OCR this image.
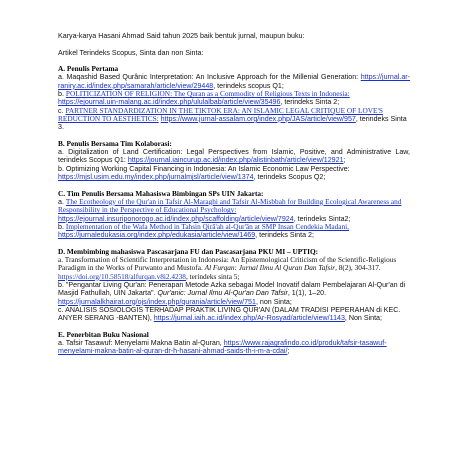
Karya-karya Hasani Ahmad Said tahun 2025 baik bentuk jurnal, maupun buku:

Artikel Terindeks Scopus, Sinta dan non Sinta:

A. Penulis Pertama

a. Maqashid Based Qurânic Interpretation: An Inclusive Approach for the Millenial Generation: https://jurnal.ar-raniry.ac.id/index.php/samarah/article/view/29448, terindeks scopus Q1;

b. POLITICIZATION OF RELIGION: The Quran as a Commodity of Religious Texts in Indonesia: https://ejournal.uin-malang.ac.id/index.php/ululalbab/article/view/35496, terindeks Sinta 2;

c. PARTNER STANDARDIZATION IN THE TIKTOK ERA: AN ISLAMIC LEGAL CRITIQUE OF LOVE'S REDUCTION TO AESTHETICS: https://www.jurnal-assalam.org/index.php/JAS/article/view/957, terindeks Sinta 3.

B. Penulis Bersama Tim Kolaborasi:

a. Digitalization of Land Certification: Legal Perspectives from Islamic, Positive, and Administrative Law, terindeks Scopus Q1: https://journal.iaincurup.ac.id/index.php/alistinbath/article/view/12921;

b. Optimizing Working Capital Financing in Indonesia: An Islamic Economic Law Perspective: https://mjsl.usim.edu.my/index.php/jurnalmjsl/article/view/1374, terindeks Scopus Q2;

C. Tim Penulis Bersama Mahasiswa Bimbingan SPs UIN Jakarta:

a. The Ecotheology of the Qur'an in Tafsir Al-Maraghi and Tafsir Al-Misbbah for Building Ecological Awareness and Responsibility in the Perspective of Educational Psychology: https://ejournal.insuriponorogo.ac.id/index.php/scaffolding/article/view/7924, terindeks Sinta2;

b. Implementation of the Wafa Method in Tahsin Qirā'ah al-Qur'ān at SMP Insan Cendekia Madani, https://jurnaledukasia.org/index.php/edukasia/article/view/1469, terindeks Sinta 2;

D. Membimbing mahasiswa Pascasarjana FU dan Pascasarjana PKU MI – UPTIQ:

a. Transformation of Scientific Interpretation in Indonesia: An Epistemological Criticism of the Scientific-Religious Paradigm in the Works of Purwanto and Mustofa. Al Furqan: Jurnal Ilmu Al Quran Dan Tafsir, 8(2), 304-317. https://doi.org/10.58518/alfurqan.v8i2.4238, terindeks sinta 5;

b. "Pengantar Living Qur'an: Penerapan Metode Azka sebagai Model Inovatif dalam Pembelajaran Al-Qur'an di Masjid Fathullah, UIN Jakarta". Qur'anic: Jurnal Ilmu Al-Qur'an Dan Tafsir, 1(1), 1–20. https://jurnalalkhairat.org/ojs/index.php/qurania/article/view/751, non Sinta;

c. ANALISIS SOSIOLOGIS TERHADAP PRAKTIK LIVING QUR'AN (DALAM TRADISI PEPERAHAN di KEC. ANYER SERANG -BANTEN), https://jurnal.iaih.ac.id/index.php/Ar-Rosyad/article/view/1143, Non Sinta;

E. Penerbitan Buku Nasional

a. Tafsir Tasawuf: Menyelami Makna Batin al-Quran, https://www.rajagrafindo.co.id/produk/tafsir-tasawuf-menyelami-makna-batin-al-quran-dr-h-hasani-ahmad-saids-th-i-m-a-cdai/;
